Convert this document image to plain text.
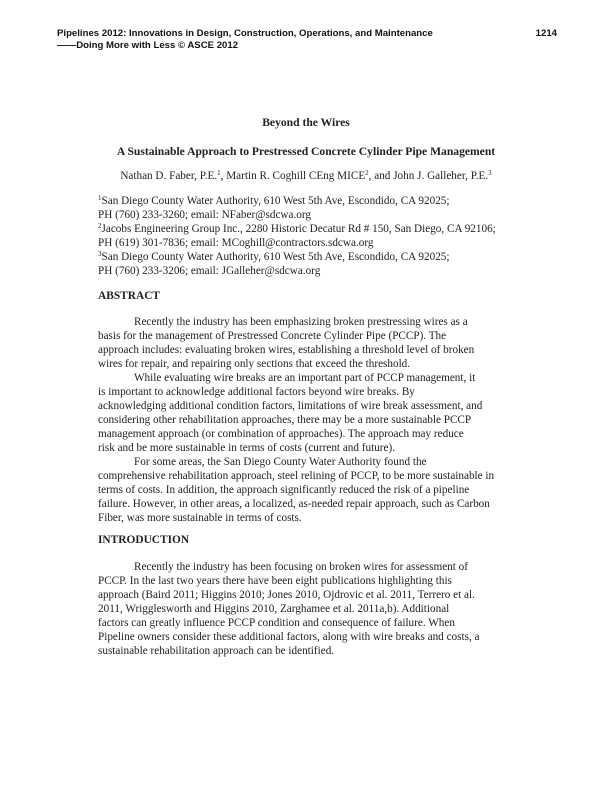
Pipelines 2012: Innovations in Design, Construction, Operations, and Maintenance
——Doing More with Less © ASCE 2012
1214
Beyond the Wires
A Sustainable Approach to Prestressed Concrete Cylinder Pipe Management
Nathan D. Faber, P.E.$^1$, Martin R. Coghill CEng MICE$^2$, and John J. Galleher, P.E.$^3$
$^1$San Diego County Water Authority, 610 West 5th Ave, Escondido, CA 92025;
PH (760) 233-3260; email: NFaber@sdcwa.org
$^2$Jacobs Engineering Group Inc., 2280 Historic Decatur Rd # 150, San Diego, CA 92106;
PH (619) 301-7836; email: MCoghill@contractors.sdcwa.org
$^3$San Diego County Water Authority, 610 West 5th Ave, Escondido, CA 92025;
PH (760) 233-3206; email: JGalleher@sdcwa.org
ABSTRACT
Recently the industry has been emphasizing broken prestressing wires as a
basis for the management of Prestressed Concrete Cylinder Pipe (PCCP). The
approach includes: evaluating broken wires, establishing a threshold level of broken
wires for repair, and repairing only sections that exceed the threshold.
While evaluating wire breaks are an important part of PCCP management, it
is important to acknowledge additional factors beyond wire breaks. By
acknowledging additional condition factors, limitations of wire break assessment, and
considering other rehabilitation approaches, there may be a more sustainable PCCP
management approach (or combination of approaches). The approach may reduce
risk and be more sustainable in terms of costs (current and future).
For some areas, the San Diego County Water Authority found the
comprehensive rehabilitation approach, steel relining of PCCP, to be more sustainable in
terms of costs. In addition, the approach significantly reduced the risk of a pipeline
failure. However, in other areas, a localized, as-needed repair approach, such as Carbon
Fiber, was more sustainable in terms of costs.
INTRODUCTION
Recently the industry has been focusing on broken wires for assessment of
PCCP. In the last two years there have been eight publications highlighting this
approach (Baird 2011; Higgins 2010; Jones 2010, Ojdrovic et al. 2011, Terrero et al.
2011, Wrigglesworth and Higgins 2010, Zarghamee et al. 2011a,b). Additional
factors can greatly influence PCCP condition and consequence of failure. When
Pipeline owners consider these additional factors, along with wire breaks and costs, a
sustainable rehabilitation approach can be identified.
